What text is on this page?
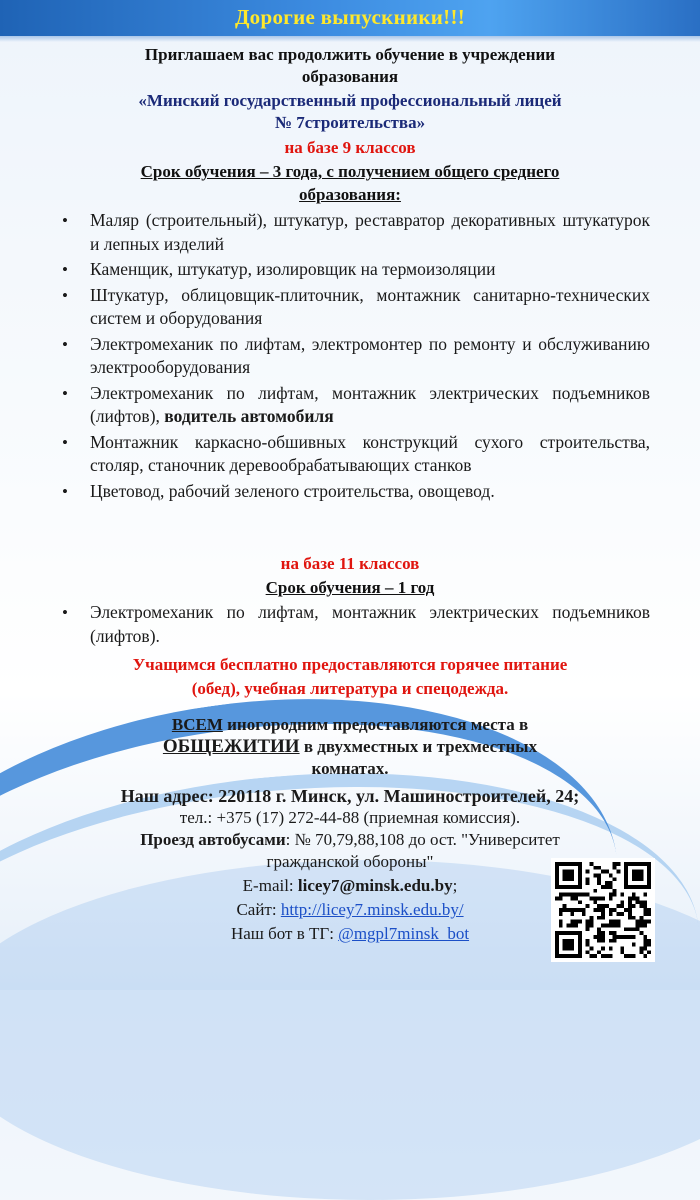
Дорогие выпускники!!!
Приглашаем вас продолжить обучение в учреждении
образования
«Минский государственный профессиональный лицей
№ 7строительства»
на базе 9 классов
Срок обучения – 3 года, с получением общего среднего
образования:
• Маляр (строительный), штукатур, реставратор декоративных штукатурок и лепных изделий
• Каменщик, штукатур, изолировщик на термоизоляции
• Штукатур, облицовщик-плиточник, монтажник санитарно-технических систем и оборудования
• Электромеханик по лифтам, электромонтер по ремонту и обслуживанию электрооборудования
• Электромеханик по лифтам, монтажник электрических подъемников (лифтов), водитель автомобиля
• Монтажник каркасно-обшивных конструкций сухого строительства, столяр, станочник деревообрабатывающих станков
• Цветовод, рабочий зеленого строительства, овощевод.
на базе 11 классов
Срок обучения – 1 год
• Электромеханик по лифтам, монтажник электрических подъемников (лифтов).
Учащимся бесплатно предоставляются горячее питание
(обед), учебная литература и спецодежда.
ВСЕМ иногородним предоставляются места в
ОБЩЕЖИТИИ в двухместных и трехместных
комнатах.
Наш адрес: 220118 г. Минск, ул. Машиностроителей, 24;
тел.: +375 (17) 272-44-88 (приемная комиссия).
Проезд автобусами: № 70,79,88,108 до ост. "Университет
гражданской обороны"
E-mail: licey7@minsk.edu.by;
Сайт: http://licey7.minsk.edu.by/
Наш бот в ТГ: @mgpl7minsk_bot
